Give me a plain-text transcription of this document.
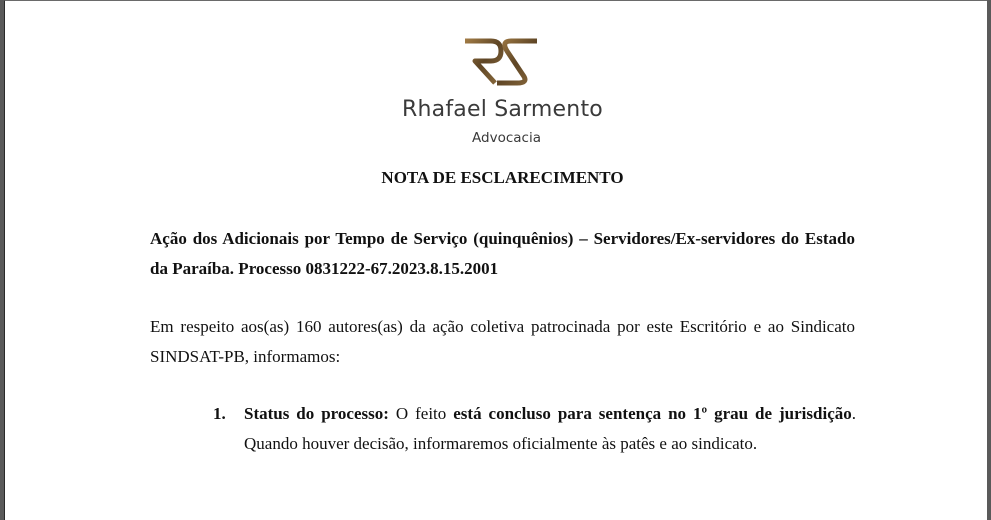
Rhafael Sarmento
Advocacia
NOTA DE ESCLARECIMENTO

Ação dos Adicionais por Tempo de Serviço (quinquênios) – Servidores/Ex-servidores do Estado da Paraíba. Processo 0831222-67.2023.8.15.2001

Em respeito aos(as) 160 autores(as) da ação coletiva patrocinada por este Escritório e ao Sindicato SINDSAT-PB, informamos:

1. Status do processo: O feito está concluso para sentença no 1º grau de jurisdição. Quando houver decisão, informaremos oficialmente às patês e ao sindicato.
